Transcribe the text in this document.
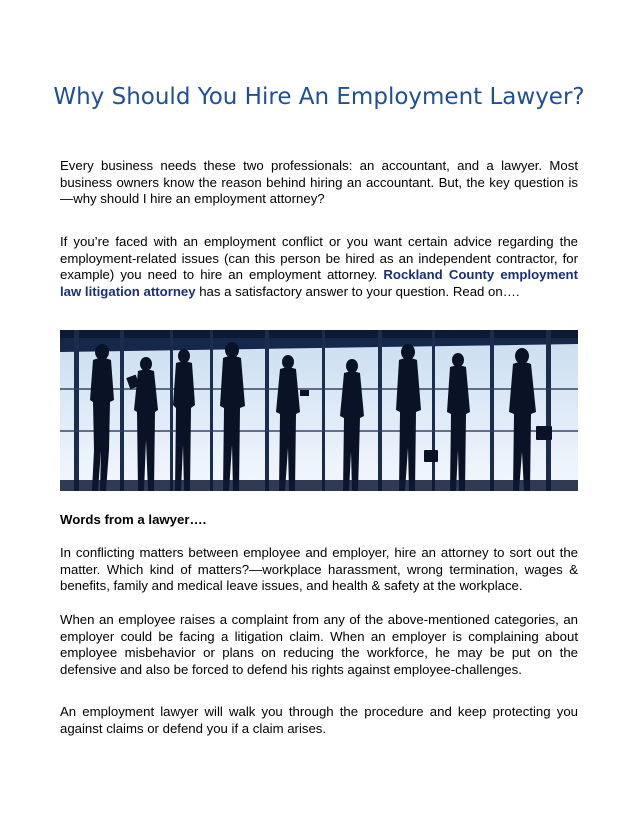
Why Should You Hire An Employment Lawyer?

Every business needs these two professionals: an accountant, and a lawyer. Most business owners know the reason behind hiring an accountant. But, the key question is—why should I hire an employment attorney?

If you’re faced with an employment conflict or you want certain advice regarding the employment-related issues (can this person be hired as an independent contractor, for example) you need to hire an employment attorney. Rockland County employment law litigation attorney has a satisfactory answer to your question. Read on….

Words from a lawyer….

In conflicting matters between employee and employer, hire an attorney to sort out the matter. Which kind of matters?—workplace harassment, wrong termination, wages & benefits, family and medical leave issues, and health & safety at the workplace.

When an employee raises a complaint from any of the above-mentioned categories, an employer could be facing a litigation claim. When an employer is complaining about employee misbehavior or plans on reducing the workforce, he may be put on the defensive and also be forced to defend his rights against employee-challenges.

An employment lawyer will walk you through the procedure and keep protecting you against claims or defend you if a claim arises.
